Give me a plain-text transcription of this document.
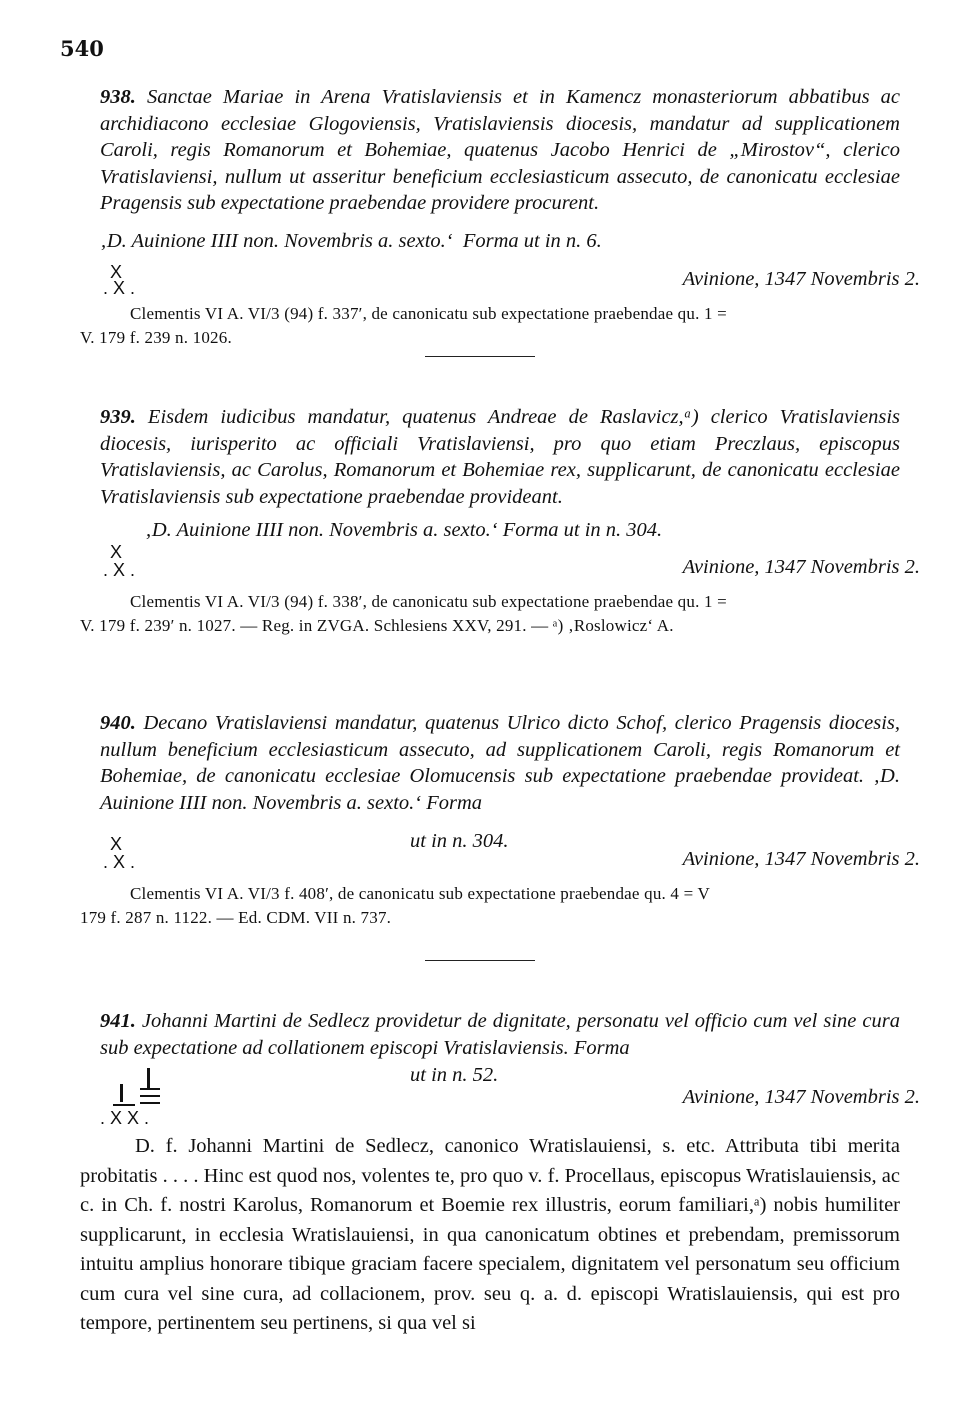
540

938. Sanctae Mariae in Arena Vratislaviensis et in Kamencz monasteriorum abbatibus ac archidiacono ecclesiae Glogoviensis, Vratislaviensis diocesis, mandatur ad supplicationem Caroli, regis Romanorum et Bohemiae, quatenus Jacobo Henrici de „Mirostov“, clerico Vratislaviensi, nullum ut asseritur beneficium ecclesiasticum assecuto, de canonicatu ecclesiae Pragensis sub expectatione praebendae providere procurent.

‚D. Auinione IIII non. Novembris a. sexto.‘ Forma ut in n. 6.
X
. X .	Avinione, 1347 Novembris 2.

Clementis VI A. VI/3 (94) f. 337′, de canonicatu sub expectatione praebendae qu. 1 =
V. 179 f. 239 n. 1026.

939. Eisdem iudicibus mandatur, quatenus Andreae de Raslavicz,ᵃ) clerico Vratislaviensis diocesis, iurisperito ac officiali Vratislaviensi, pro quo etiam Preczlaus, episcopus Vratislaviensis, ac Carolus, Romanorum et Bohemiae rex, supplicarunt, de canonicatu ecclesiae Vratislaviensis sub expectatione praebendae provideant.

‚D. Auinione IIII non. Novembris a. sexto.‘ Forma ut in n. 304.
X
. X .	Avinione, 1347 Novembris 2.

Clementis VI A. VI/3 (94) f. 338′, de canonicatu sub expectatione praebendae qu. 1 =
V. 179 f. 239′ n. 1027. — Reg. in ZVGA. Schlesiens XXV, 291. — ᵃ) ‚Roslowicz‘ A.

940. Decano Vratislaviensi mandatur, quatenus Ulrico dicto Schof, clerico Pragensis diocesis, nullum beneficium ecclesiasticum assecuto, ad supplicationem Caroli, regis Romanorum et Bohemiae, de canonicatu ecclesiae Olomucensis sub expectatione praebendae provideat. ‚D. Auinione IIII non. Novembris a. sexto.‘ Forma

X	ut in n. 304.
. X .	Avinione, 1347 Novembris 2.

Clementis VI A. VI/3 f. 408′, de canonicatu sub expectatione praebendae qu. 4 = V
179 f. 287 n. 1122. — Ed. CDM. VII n. 737.

941. Johanni Martini de Sedlecz providetur de dignitate, personatu vel officio cum vel sine cura sub expectatione ad collationem episcopi Vratislaviensis. Forma

ut in n. 52.
Avinione, 1347 Novembris 2.
. X X .

D. f. Johanni Martini de Sedlecz, canonico Wratislauiensi, s. etc. Attributa tibi merita probitatis . . . . Hinc est quod nos, volentes te, pro quo v. f. Procellaus, episcopus Wratislauiensis, ac c. in Ch. f. nostri Karolus, Romanorum et Boemie rex illustris, eorum familiari,ᵃ) nobis humiliter supplicarunt, in ecclesia Wratislauiensi, in qua canonicatum obtines et prebendam, premissorum intuitu amplius honorare tibique graciam facere specialem, dignitatem vel personatum seu officium cum cura vel sine cura, ad collacionem, prov. seu q. a. d. episcopi Wratislauiensis, qui est pro tempore, pertinentem seu pertinens, si qua vel si
